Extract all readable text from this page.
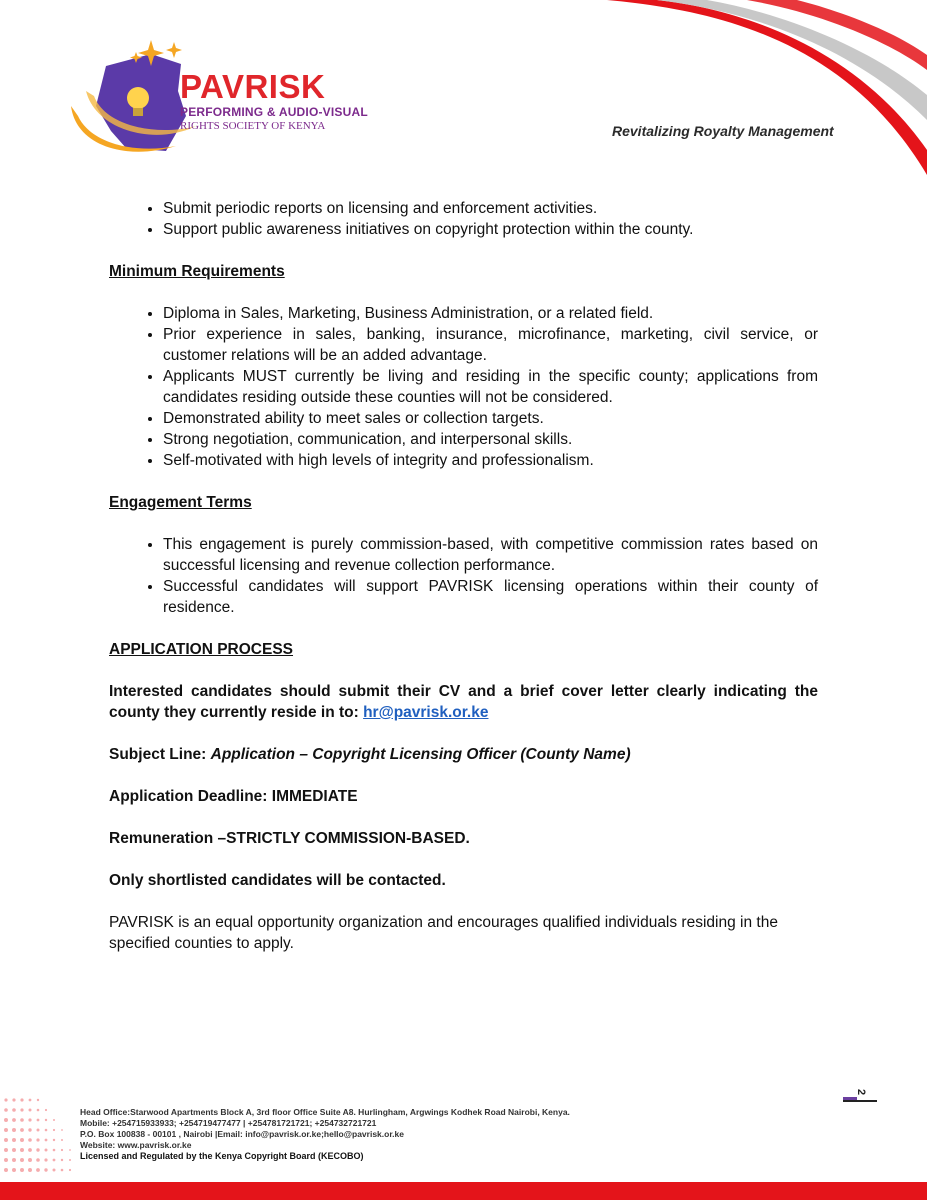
PAVRISK
PERFORMING & AUDIO-VISUAL
RIGHTS SOCIETY OF KENYA	Revitalizing Royalty Management
• Submit periodic reports on licensing and enforcement activities.
• Support public awareness initiatives on copyright protection within the county.
Minimum Requirements
• Diploma in Sales, Marketing, Business Administration, or a related field.
• Prior experience in sales, banking, insurance, microfinance, marketing, civil service, or customer relations will be an added advantage.
• Applicants MUST currently be living and residing in the specific county; applications from candidates residing outside these counties will not be considered.
• Demonstrated ability to meet sales or collection targets.
• Strong negotiation, communication, and interpersonal skills.
• Self-motivated with high levels of integrity and professionalism.
Engagement Terms
• This engagement is purely commission-based, with competitive commission rates based on successful licensing and revenue collection performance.
• Successful candidates will support PAVRISK licensing operations within their county of residence.
APPLICATION PROCESS
Interested candidates should submit their CV and a brief cover letter clearly indicating the county they currently reside in to: hr@pavrisk.or.ke
Subject Line: Application – Copyright Licensing Officer (County Name)
Application Deadline: IMMEDIATE
Remuneration –STRICTLY COMMISSION-BASED.
Only shortlisted candidates will be contacted.
PAVRISK is an equal opportunity organization and encourages qualified individuals residing in the specified counties to apply.
2
Head Office:Starwood Apartments Block A, 3rd floor Office Suite A8. Hurlingham, Argwings Kodhek Road Nairobi, Kenya.
Mobile: +254715933933; +254719477477 | +254781721721; +254732721721
P.O. Box 100838 - 00101 , Nairobi |Email: info@pavrisk.or.ke;hello@pavrisk.or.ke
Website: www.pavrisk.or.ke
Licensed and Regulated by the Kenya Copyright Board (KECOBO)
